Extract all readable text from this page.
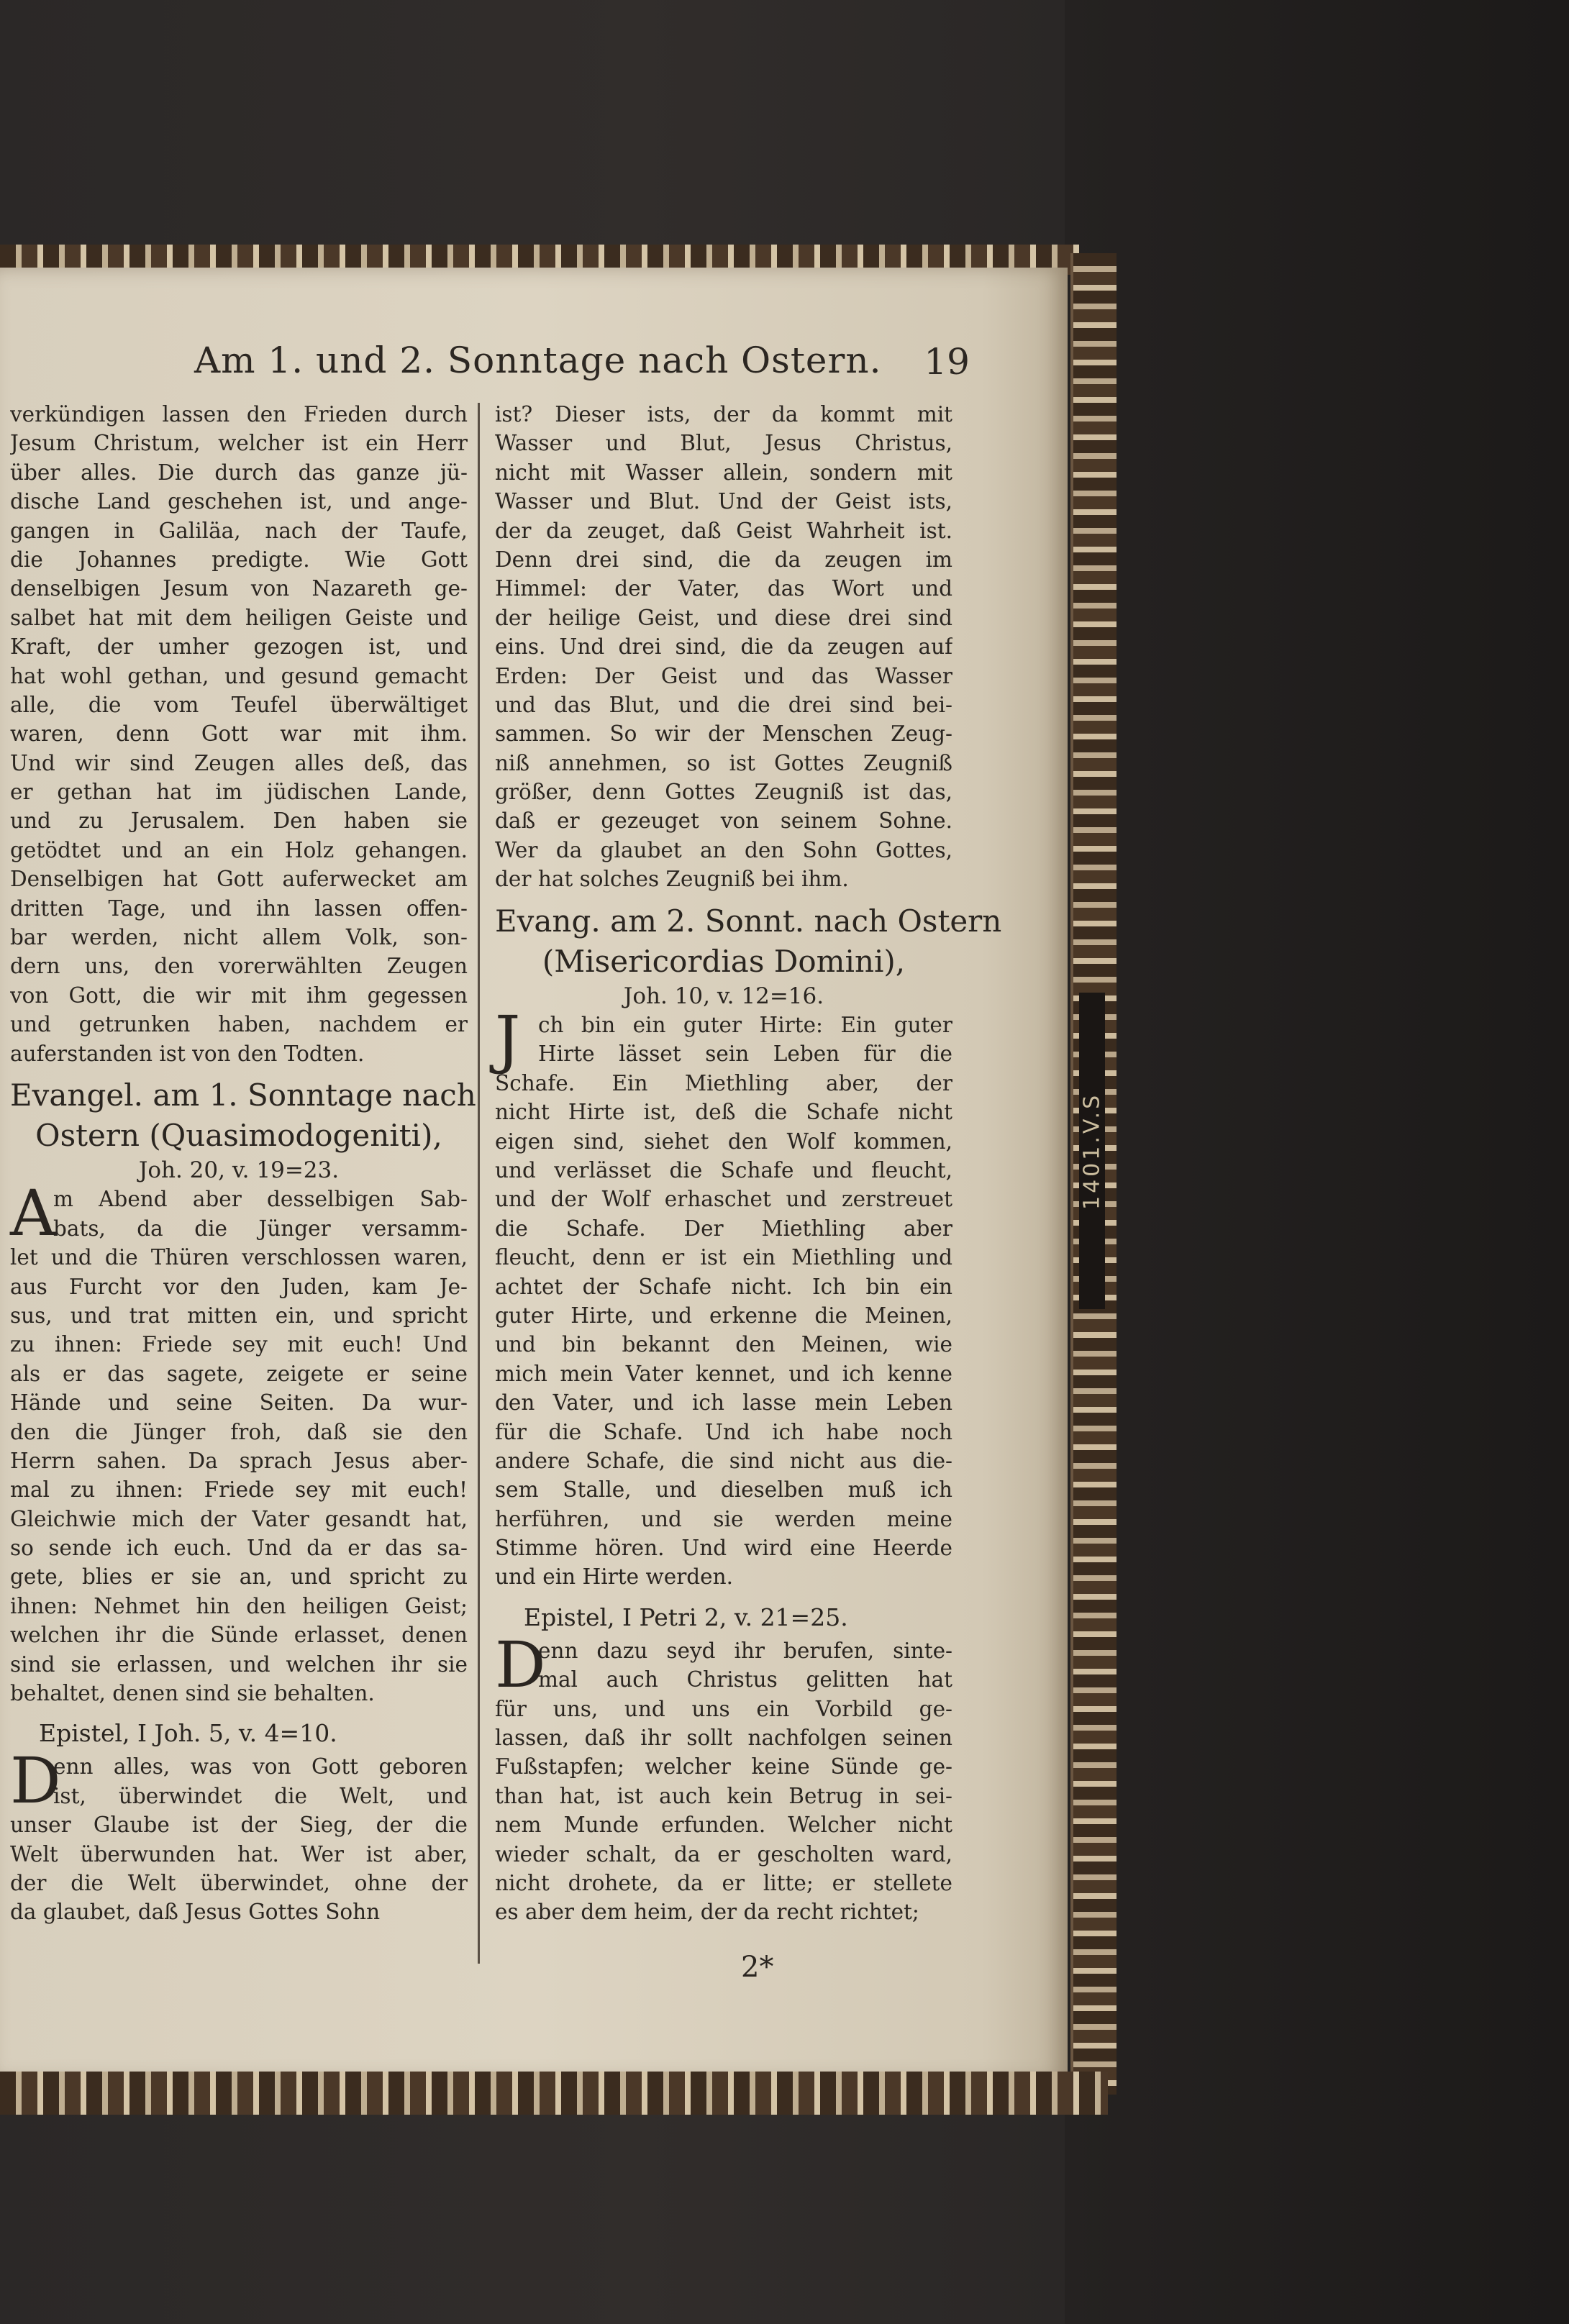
1401.V.S
Am 1. und 2. Sonntage nach Ostern.	19
verkündigen lassen den Frieden durch
Jesum Christum, welcher ist ein Herr
über alles. Die durch das ganze jü-
dische Land geschehen ist, und ange-
gangen in Galiläa, nach der Taufe,
die Johannes predigte. Wie Gott
denselbigen Jesum von Nazareth ge-
salbet hat mit dem heiligen Geiste und
Kraft, der umher gezogen ist, und
hat wohl gethan, und gesund gemacht
alle, die vom Teufel überwältiget
waren, denn Gott war mit ihm.
Und wir sind Zeugen alles deß, das
er gethan hat im jüdischen Lande,
und zu Jerusalem. Den haben sie
getödtet und an ein Holz gehangen.
Denselbigen hat Gott auferwecket am
dritten Tage, und ihn lassen offen-
bar werden, nicht allem Volk, son-
dern uns, den vorerwählten Zeugen
von Gott, die wir mit ihm gegessen
und getrunken haben, nachdem er
auferstanden ist von den Todten.
Evangel. am 1. Sonntage nach
Ostern (Quasimodogeniti),
Joh. 20, v. 19=23.
A
m Abend aber desselbigen Sab-
bats, da die Jünger versamm-
let und die Thüren verschlossen waren,
aus Furcht vor den Juden, kam Je-
sus, und trat mitten ein, und spricht
zu ihnen: Friede sey mit euch! Und
als er das sagete, zeigete er seine
Hände und seine Seiten. Da wur-
den die Jünger froh, daß sie den
Herrn sahen. Da sprach Jesus aber-
mal zu ihnen: Friede sey mit euch!
Gleichwie mich der Vater gesandt hat,
so sende ich euch. Und da er das sa-
gete, blies er sie an, und spricht zu
ihnen: Nehmet hin den heiligen Geist;
welchen ihr die Sünde erlasset, denen
sind sie erlassen, und welchen ihr sie
behaltet, denen sind sie behalten.
Epistel, I Joh. 5, v. 4=10.
D
enn alles, was von Gott geboren
ist, überwindet die Welt, und
unser Glaube ist der Sieg, der die
Welt überwunden hat. Wer ist aber,
der die Welt überwindet, ohne der
da glaubet, daß Jesus Gottes Sohn
ist? Dieser ists, der da kommt mit
Wasser und Blut, Jesus Christus,
nicht mit Wasser allein, sondern mit
Wasser und Blut. Und der Geist ists,
der da zeuget, daß Geist Wahrheit ist.
Denn drei sind, die da zeugen im
Himmel: der Vater, das Wort und
der heilige Geist, und diese drei sind
eins. Und drei sind, die da zeugen auf
Erden: Der Geist und das Wasser
und das Blut, und die drei sind bei-
sammen. So wir der Menschen Zeug-
niß annehmen, so ist Gottes Zeugniß
größer, denn Gottes Zeugniß ist das,
daß er gezeuget von seinem Sohne.
Wer da glaubet an den Sohn Gottes,
der hat solches Zeugniß bei ihm.
Evang. am 2. Sonnt. nach Ostern
(Misericordias Domini),
Joh. 10, v. 12=16.
J ch bin ein guter Hirte: Ein guter
Hirte lässet sein Leben für die
Schafe. Ein Miethling aber, der
nicht Hirte ist, deß die Schafe nicht
eigen sind, siehet den Wolf kommen,
und verlässet die Schafe und fleucht,
und der Wolf erhaschet und zerstreuet
die Schafe. Der Miethling aber
fleucht, denn er ist ein Miethling und
achtet der Schafe nicht. Ich bin ein
guter Hirte, und erkenne die Meinen,
und bin bekannt den Meinen, wie
mich mein Vater kennet, und ich kenne
den Vater, und ich lasse mein Leben
für die Schafe. Und ich habe noch
andere Schafe, die sind nicht aus die-
sem Stalle, und dieselben muß ich
herführen, und sie werden meine
Stimme hören. Und wird eine Heerde
und ein Hirte werden.
Epistel, I Petri 2, v. 21=25.
D
enn dazu seyd ihr berufen, sinte-
mal auch Christus gelitten hat
für uns, und uns ein Vorbild ge-
lassen, daß ihr sollt nachfolgen seinen
Fußstapfen; welcher keine Sünde ge-
than hat, ist auch kein Betrug in sei-
nem Munde erfunden. Welcher nicht
wieder schalt, da er gescholten ward,
nicht drohete, da er litte; er stellete
es aber dem heim, der da recht richtet;
2*
